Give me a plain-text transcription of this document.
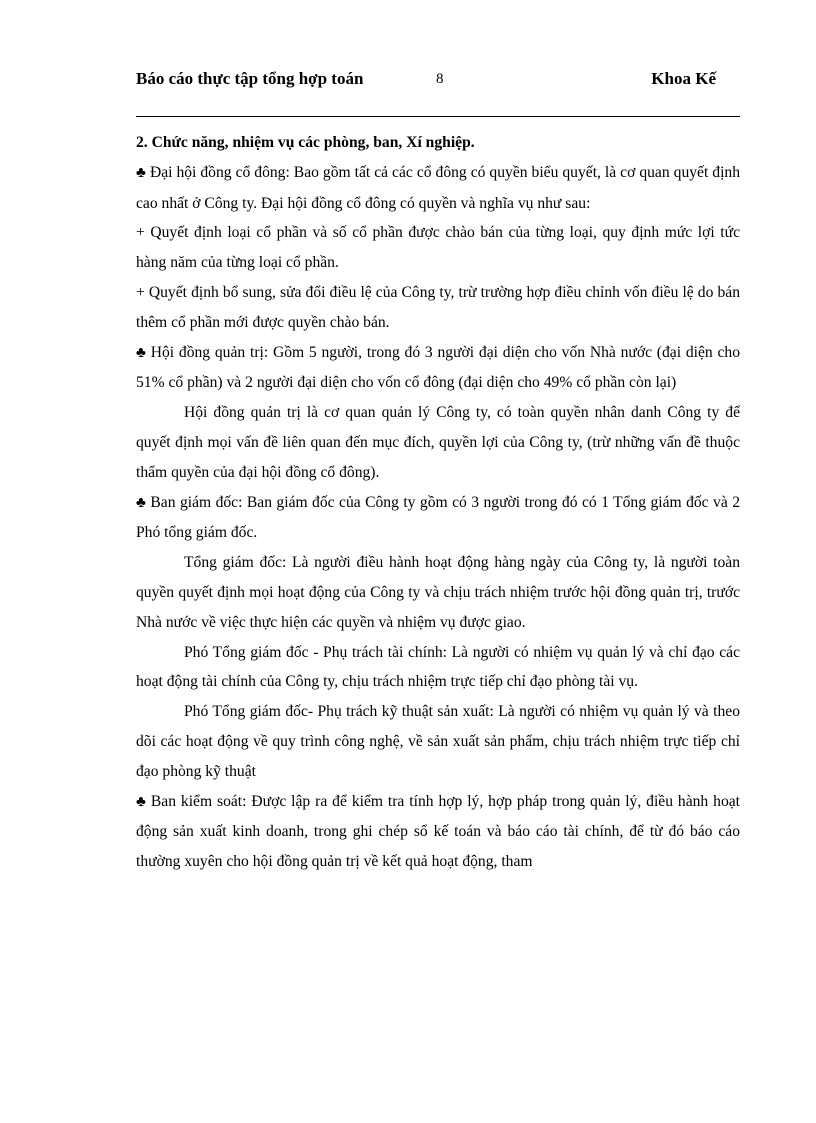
Báo cáo thực tập tổng hợp toán	8	Khoa Kế

2. Chức năng, nhiệm vụ các phòng, ban, Xí nghiệp.

♣ Đại hội đồng cổ đông: Bao gồm tất cả các cổ đông có quyền biểu quyết, là cơ quan quyết định cao nhất ở Công ty. Đại hội đồng cổ đông có quyền và nghĩa vụ như sau:

+ Quyết định loại cổ phần và số cổ phần được chào bán của từng loại, quy định mức lợi tức hàng năm của từng loại cổ phần.

+ Quyết định bổ sung, sửa đổi điều lệ của Công ty, trừ trường hợp điều chỉnh vốn điều lệ do bán thêm cổ phần mới được quyền chào bán.

♣ Hội đồng quản trị: Gồm 5 người, trong đó 3 người đại diện cho vốn Nhà nước (đại diện cho 51% cổ phần) và 2 người đại diện cho vốn cổ đông (đại diện cho 49% cổ phần còn lại)

Hội đồng quản trị là cơ quan quản lý Công ty, có toàn quyền nhân danh Công ty để quyết định mọi vấn đề liên quan đến mục đích, quyền lợi của Công ty, (trừ những vấn đề thuộc thẩm quyền của đại hội đồng cổ đông).

♣ Ban giám đốc: Ban giám đốc của Công ty gồm có 3 người trong đó có 1 Tổng giám đốc và 2 Phó tổng giám đốc.

Tổng giám đốc: Là người điều hành hoạt động hàng ngày của Công ty, là người toàn quyền quyết định mọi hoạt động của Công ty và chịu trách nhiệm trước hội đồng quản trị, trước Nhà nước về việc thực hiện các quyền và nhiệm vụ được giao.

Phó Tổng giám đốc - Phụ trách tài chính: Là người có nhiệm vụ quản lý và chỉ đạo các hoạt động tài chính của Công ty, chịu trách nhiệm trực tiếp chỉ đạo phòng tài vụ.

Phó Tổng giám đốc- Phụ trách kỹ thuật sản xuất: Là người có nhiệm vụ quản lý và theo dõi các hoạt động về quy trình công nghệ, về sản xuất sản phẩm, chịu trách nhiệm trực tiếp chỉ đạo phòng kỹ thuật

♣ Ban kiểm soát: Được lập ra để kiểm tra tính hợp lý, hợp pháp trong quản lý, điều hành hoạt động sản xuất kinh doanh, trong ghi chép sổ kế toán và báo cáo tài chính, để từ đó báo cáo thường xuyên cho hội đồng quản trị về kết quả hoạt động, tham
